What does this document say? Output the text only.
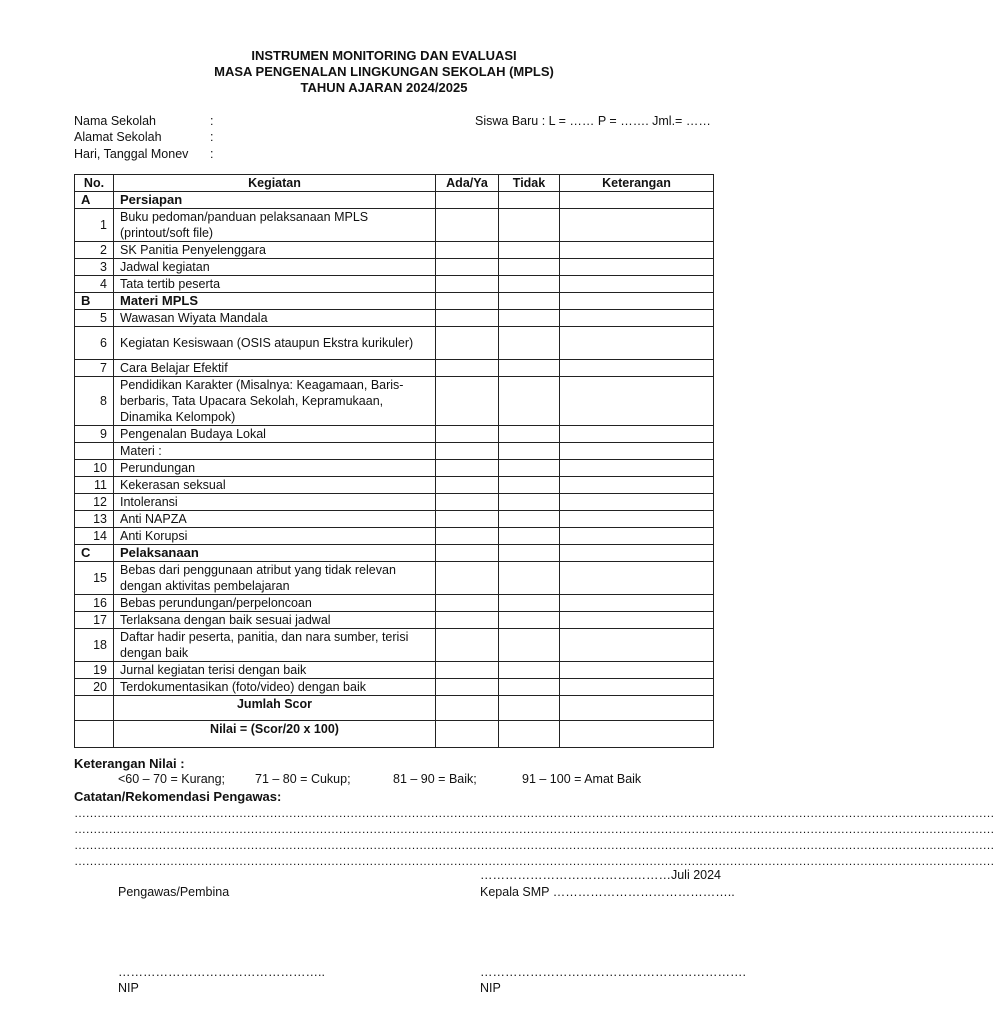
INSTRUMEN MONITORING DAN EVALUASI
MASA PENGENALAN LINGKUNGAN SEKOLAH (MPLS)
TAHUN AJARAN 2024/2025
Nama Sekolah	:
Alamat Sekolah	:
Hari, Tanggal Monev :
Siswa Baru : L = …… P = ……. Jml.= ……
No.	Kegiatan	Ada/Ya	Tidak	Keterangan
A	Persiapan			
1	Buku pedoman/panduan pelaksanaan MPLS (printout/soft file)			
2	SK Panitia Penyelenggara			
3	Jadwal kegiatan			
4	Tata tertib peserta			
B	Materi MPLS			
5	Wawasan Wiyata Mandala			
6	Kegiatan Kesiswaan (OSIS ataupun Ekstra kurikuler)			
7	Cara Belajar Efektif			
8	Pendidikan Karakter (Misalnya: Keagamaan, Baris-berbaris, Tata Upacara Sekolah, Kepramukaan, Dinamika Kelompok)			
9	Pengenalan Budaya Lokal			
	Materi :			
10	Perundungan			
11	Kekerasan seksual			
12	Intoleransi			
13	Anti NAPZA			
14	Anti Korupsi			
C	Pelaksanaan			
15	Bebas dari penggunaan atribut yang tidak relevan dengan aktivitas pembelajaran			
16	Bebas perundungan/perpeloncoan			
17	Terlaksana dengan baik sesuai jadwal			
18	Daftar hadir peserta, panitia, dan nara sumber, terisi dengan baik			
19	Jurnal kegiatan terisi dengan baik			
20	Terdokumentasikan (foto/video) dengan baik			
	Jumlah Scor			
	Nilai = (Scor/20 x 100)			
Keterangan Nilai :
<60 – 70 = Kurang; 71 – 80 = Cukup;	81 – 90 = Baik;	91 – 100 = Amat Baik
Catatan/Rekomendasi Pengawas:
……………………………………………………………………………………………………………………………………………………………………………………………………………………
……………………………………………………………………………………………………………………………………………………………………………………………………………………
……………………………………………………………………………………………………………………………………………………………………………………………………………………
……………………………………………………………………………………………………………………………………………………………………………………………………………………
……………………………….………Juli 2024
Pengawas/Pembina	Kepala SMP ……………………………………..
…………………………………………..	……………………………………………………….
NIP	NIP
